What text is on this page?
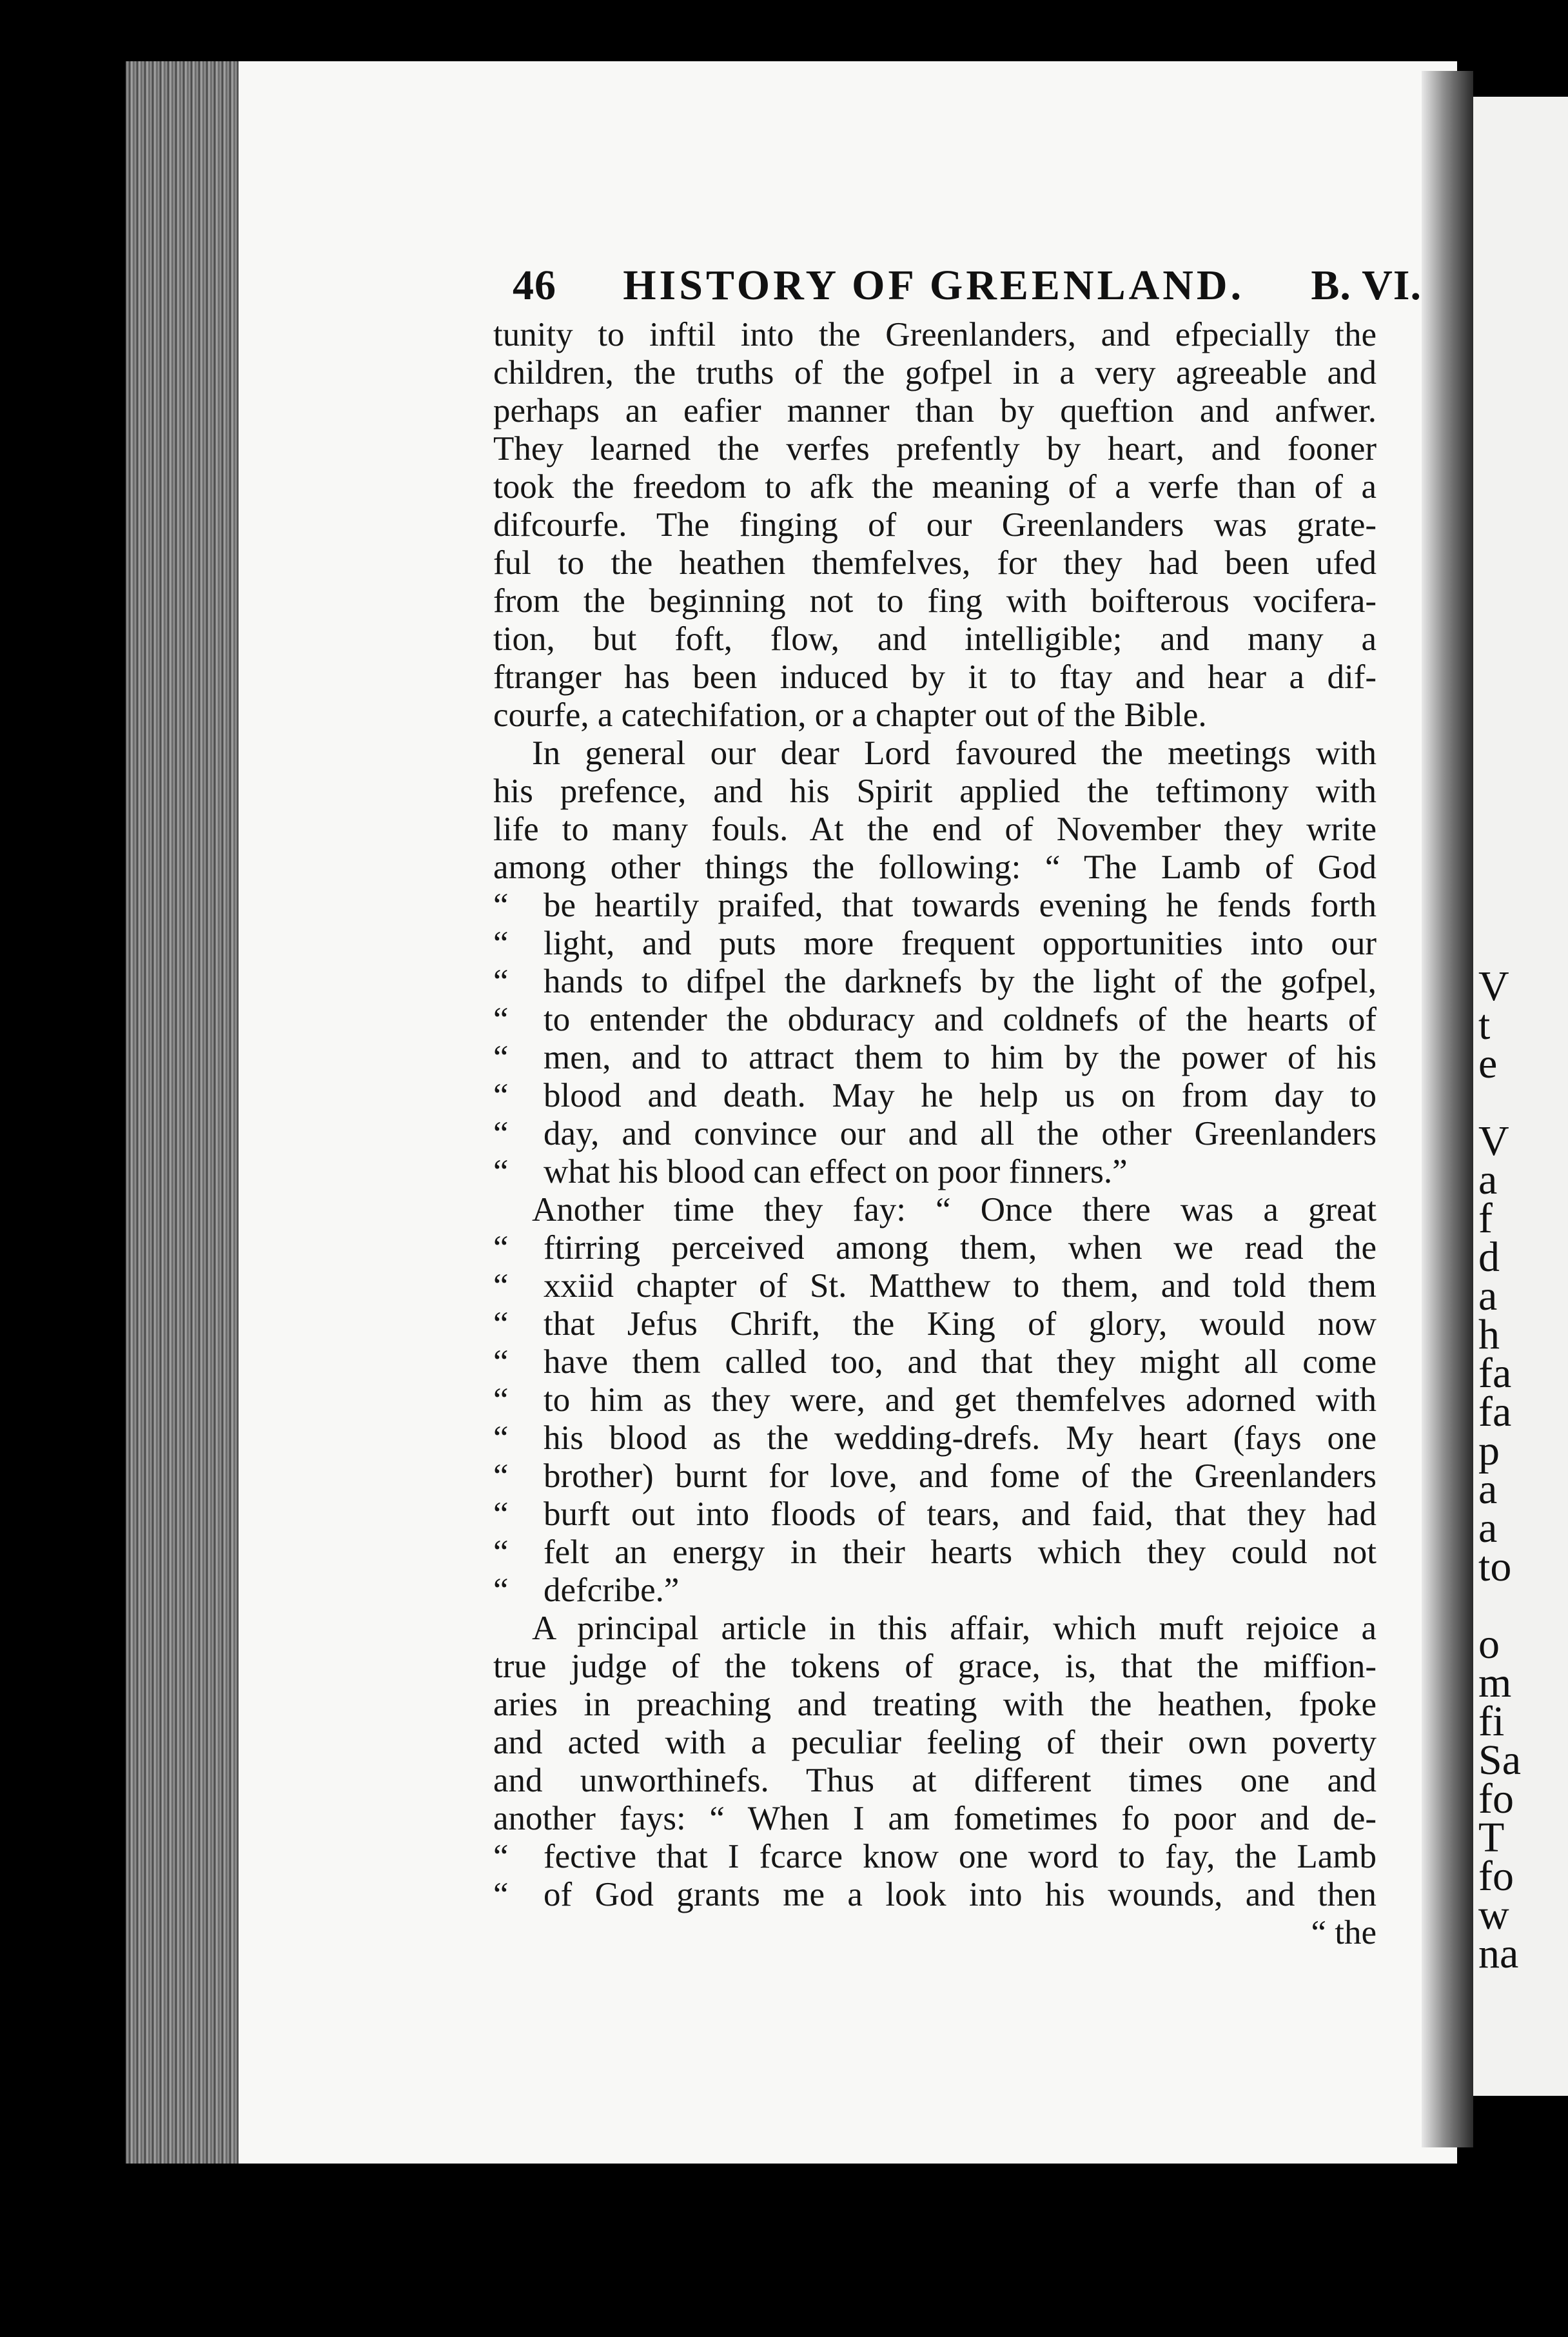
V
t
e
V
a
f
d
a
h
fa
fa
p
a
a
to
o
m
fi
Sa
fo
T
fo
w
na
46 HISTORY OF GREENLAND. B. VI.
tunity to inftil into the Greenlanders, and efpecially the
children, the truths of the gofpel in a very agreeable and
perhaps an eafier manner than by queftion and anfwer.
They learned the verfes prefently by heart, and fooner
took the freedom to afk the meaning of a verfe than of a
difcourfe. The finging of our Greenlanders was grate-
ful to the heathen themfelves, for they had been ufed
from the beginning not to fing with boifterous vocifera-
tion, but foft, flow, and intelligible; and many a
ftranger has been induced by it to ftay and hear a dif-
courfe, a catechifation, or a chapter out of the Bible.
In general our dear Lord favoured the meetings with
his prefence, and his Spirit applied the teftimony with
life to many fouls. At the end of November they write
among other things the following: “ The Lamb of God
“ be heartily praifed, that towards evening he fends forth
“ light, and puts more frequent opportunities into our
“ hands to difpel the darknefs by the light of the gofpel,
“ to entender the obduracy and coldnefs of the hearts of
“ men, and to attract them to him by the power of his
“ blood and death. May he help us on from day to
“ day, and convince our and all the other Greenlanders
“ what his blood can effect on poor finners.”
Another time they fay: “ Once there was a great
“ ftirring perceived among them, when we read the
“ xxiid chapter of St. Matthew to them, and told them
“ that Jefus Chrift, the King of glory, would now
“ have them called too, and that they might all come
“ to him as they were, and get themfelves adorned with
“ his blood as the wedding-drefs. My heart (fays one
“ brother) burnt for love, and fome of the Greenlanders
“ burft out into floods of tears, and faid, that they had
“ felt an energy in their hearts which they could not
“ defcribe.”
A principal article in this affair, which muft rejoice a
true judge of the tokens of grace, is, that the miffion-
aries in preaching and treating with the heathen, fpoke
and acted with a peculiar feeling of their own poverty
and unworthinefs. Thus at different times one and
another fays: “ When I am fometimes fo poor and de-
“ fective that I fcarce know one word to fay, the Lamb
“ of God grants me a look into his wounds, and then
“ the
